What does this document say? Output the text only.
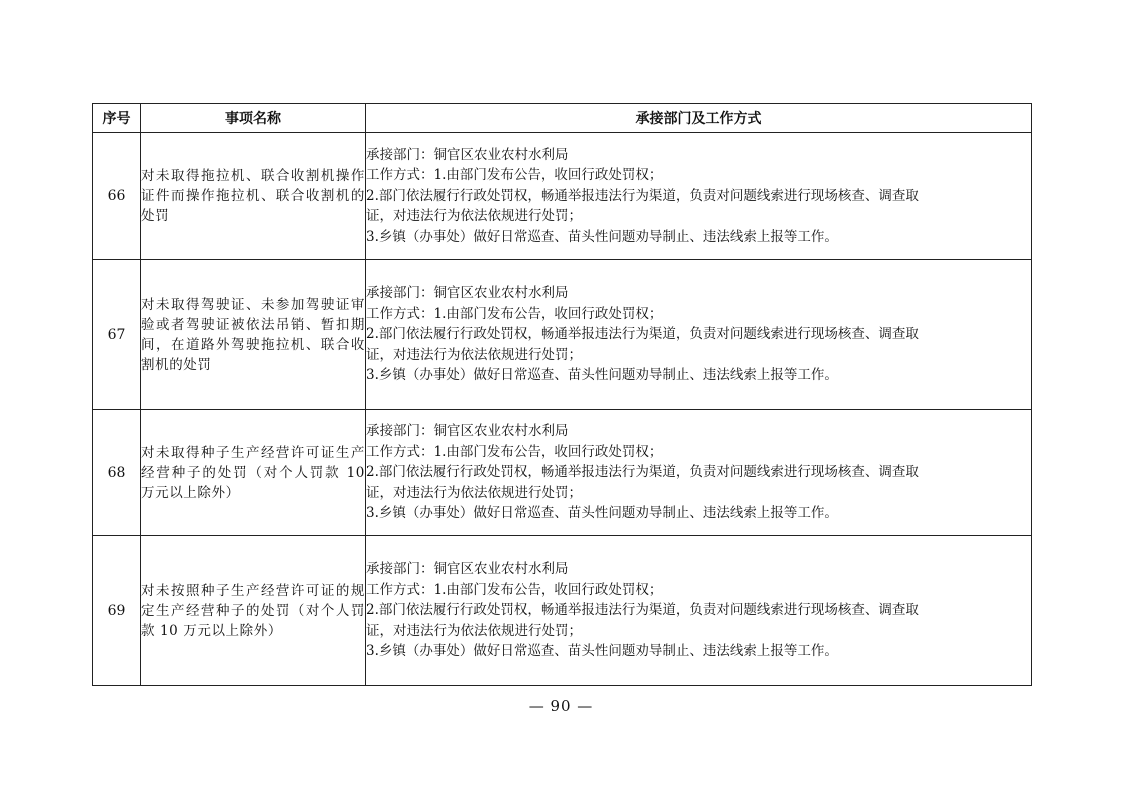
序号	事项名称	承接部门及工作方式
66	对未取得拖拉机、联合收割机操作证件而操作拖拉机、联合收割机的处罚	承接部门：铜官区农业农村水利局
工作方式：1.由部门发布公告，收回行政处罚权；
2.部门依法履行行政处罚权，畅通举报违法行为渠道，负责对问题线索进行现场核查、调查取
证，对违法行为依法依规进行处罚；
3.乡镇（办事处）做好日常巡查、苗头性问题劝导制止、违法线索上报等工作。

67	对未取得驾驶证、未参加驾驶证审验或者驾驶证被依法吊销、暂扣期间，在道路外驾驶拖拉机、联合收割机的处罚	承接部门：铜官区农业农村水利局
工作方式：1.由部门发布公告，收回行政处罚权；
2.部门依法履行行政处罚权，畅通举报违法行为渠道，负责对问题线索进行现场核查、调查取
证，对违法行为依法依规进行处罚；
3.乡镇（办事处）做好日常巡查、苗头性问题劝导制止、违法线索上报等工作。

68	对未取得种子生产经营许可证生产经营种子的处罚（对个人罚款 10 万元以上除外）	承接部门：铜官区农业农村水利局
工作方式：1.由部门发布公告，收回行政处罚权；
2.部门依法履行行政处罚权，畅通举报违法行为渠道，负责对问题线索进行现场核查、调查取
证，对违法行为依法依规进行处罚；
3.乡镇（办事处）做好日常巡查、苗头性问题劝导制止、违法线索上报等工作。

69	对未按照种子生产经营许可证的规定生产经营种子的处罚（对个人罚款 10 万元以上除外）	承接部门：铜官区农业农村水利局
工作方式：1.由部门发布公告，收回行政处罚权；
2.部门依法履行行政处罚权，畅通举报违法行为渠道，负责对问题线索进行现场核查、调查取
证，对违法行为依法依规进行处罚；
3.乡镇（办事处）做好日常巡查、苗头性问题劝导制止、违法线索上报等工作。
— 90 —
